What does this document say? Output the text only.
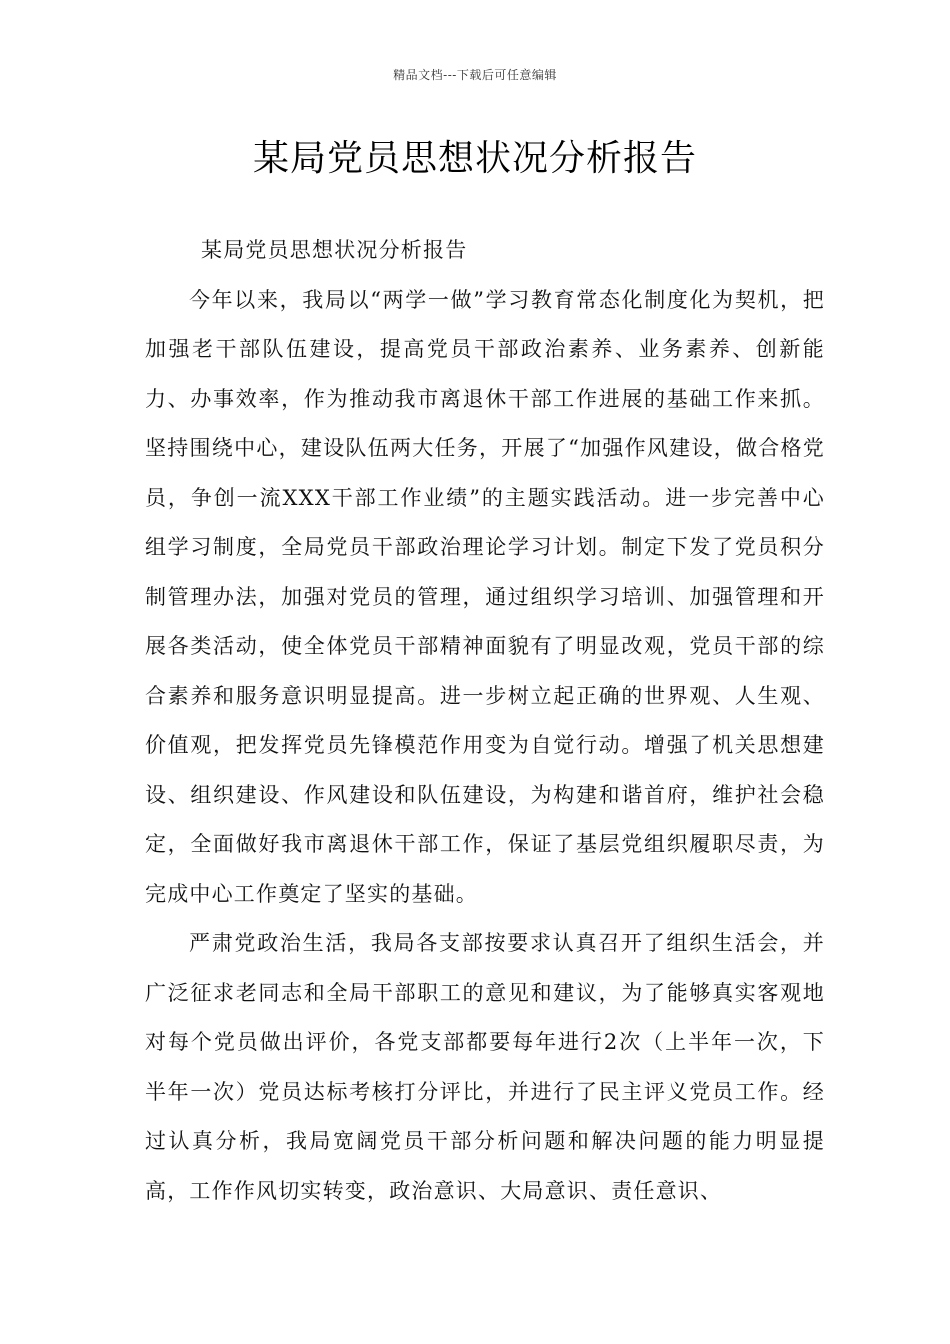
精品文档---下载后可任意编辑
某局党员思想状况分析报告

某局党员思想状况分析报告

今年以来，我局以“两学一做”学习教育常态化制度化为契机，把加强老干部队伍建设，提高党员干部政治素养、业务素养、创新能力、办事效率，作为推动我市离退休干部工作进展的基础工作来抓。坚持围绕中心，建设队伍两大任务，开展了“加强作风建设，做合格党员，争创一流XXX干部工作业绩”的主题实践活动。进一步完善中心组学习制度，全局党员干部政治理论学习计划。制定下发了党员积分制管理办法，加强对党员的管理，通过组织学习培训、加强管理和开展各类活动，使全体党员干部精神面貌有了明显改观，党员干部的综合素养和服务意识明显提高。进一步树立起正确的世界观、人生观、价值观，把发挥党员先锋模范作用变为自觉行动。增强了机关思想建设、组织建设、作风建设和队伍建设，为构建和谐首府，维护社会稳定，全面做好我市离退休干部工作，保证了基层党组织履职尽责，为完成中心工作奠定了坚实的基础。

严肃党政治生活，我局各支部按要求认真召开了组织生活会，并广泛征求老同志和全局干部职工的意见和建议，为了能够真实客观地对每个党员做出评价，各党支部都要每年进行2次（上半年一次，下半年一次）党员达标考核打分评比，并进行了民主评义党员工作。经过认真分析，我局宽阔党员干部分析问题和解决问题的能力明显提高，工作作风切实转变，政治意识、大局意识、责任意识、
